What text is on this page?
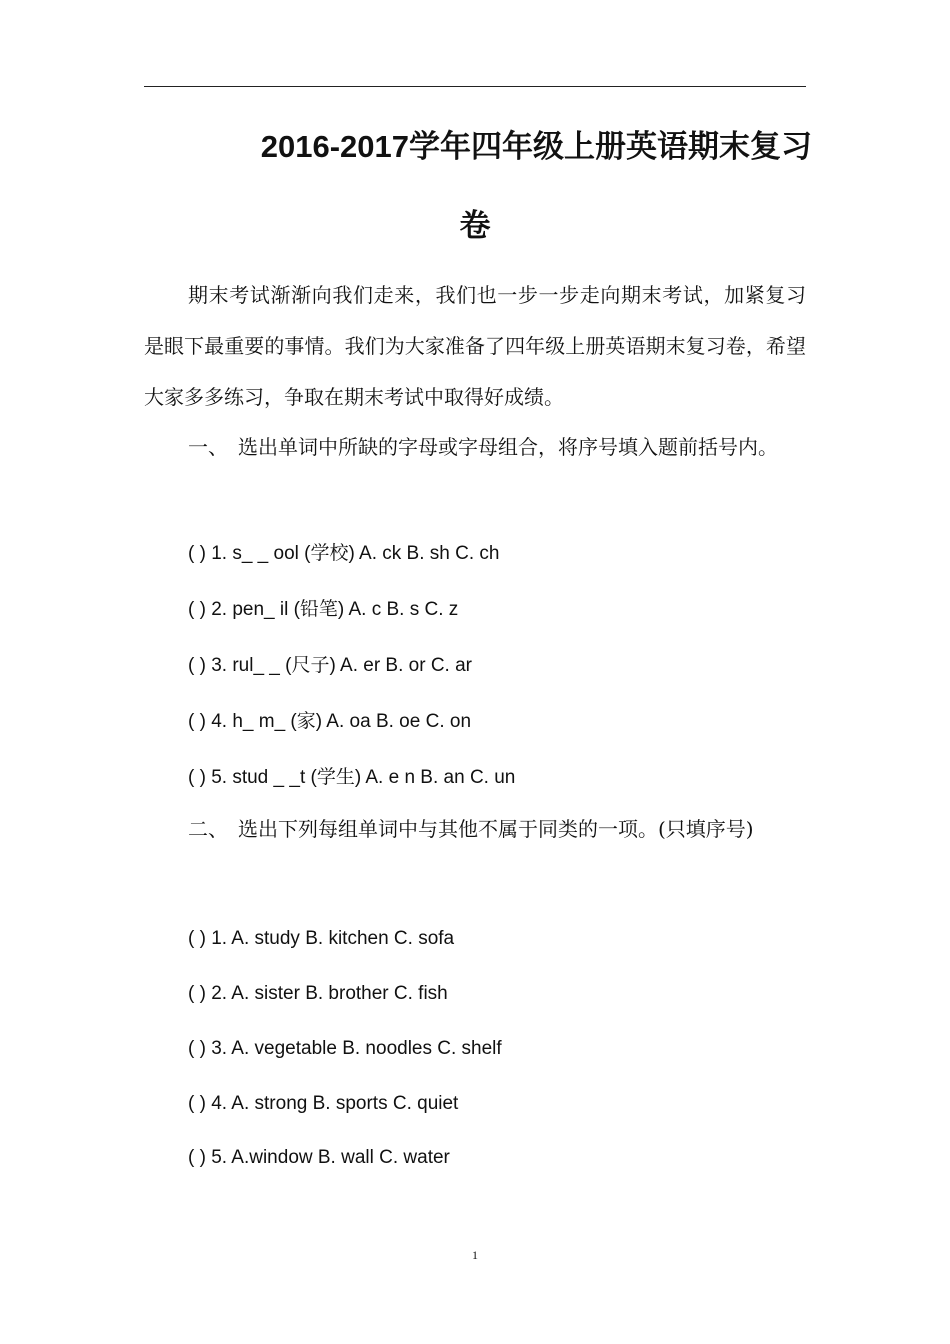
2016-2017学年四年级上册英语期末复习
卷

期末考试渐渐向我们走来，我们也一步一步走向期末考试，加紧复习是眼下最重要的事情。我们为大家准备了四年级上册英语期末复习卷，希望大家多多练习，争取在期末考试中取得好成绩。

一、　选出单词中所缺的字母或字母组合，将序号填入题前括号内。

( ) 1. s_ _ ool (学校) A. ck B. sh C. ch
( ) 2. pen_ il (铅笔) A. c B. s C. z
( ) 3. rul_ _ (尺子) A. er B. or C. ar
( ) 4. h_ m_ (家) A. oa B. oe C. on
( ) 5. stud _ _t (学生) A. e n B. an C. un

二、　选出下列每组单词中与其他不属于同类的一项。(只填序号)

( ) 1. A. study B. kitchen C. sofa
( ) 2. A. sister B. brother C. fish
( ) 3. A. vegetable B. noodles C. shelf
( ) 4. A. strong B. sports C. quiet
( ) 5. A.window B. wall C. water
1
